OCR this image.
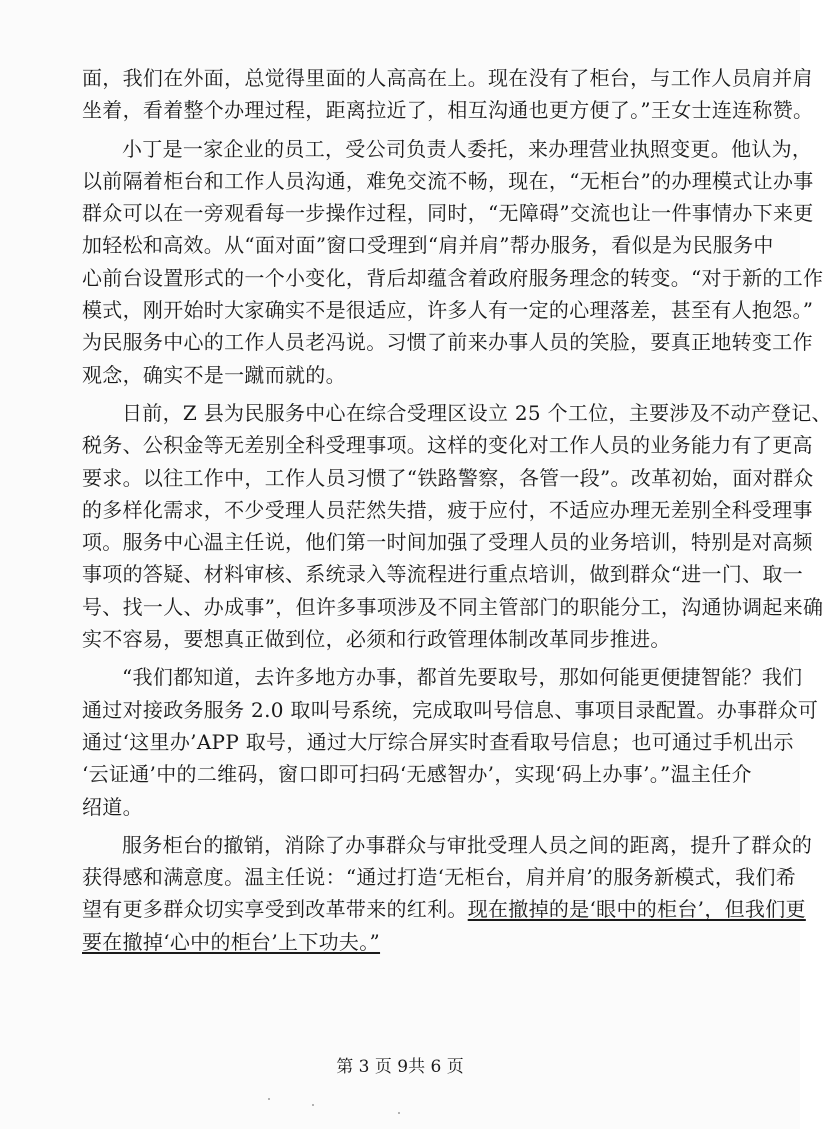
面，我们在外面，总觉得里面的人高高在上。现在没有了柜台，与工作人员肩并肩
坐着，看着整个办理过程，距离拉近了，相互沟通也更方便了。”王女士连连称赞。
小丁是一家企业的员工，受公司负责人委托，来办理营业执照变更。他认为，
以前隔着柜台和工作人员沟通，难免交流不畅，现在，“无柜台”的办理模式让办事
群众可以在一旁观看每一步操作过程，同时，“无障碍”交流也让一件事情办下来更
加轻松和高效。从“面对面”窗口受理到“肩并肩”帮办服务，看似是为民服务中
心前台设置形式的一个小变化，背后却蕴含着政府服务理念的转变。“对于新的工作
模式，刚开始时大家确实不是很适应，许多人有一定的心理落差，甚至有人抱怨。”
为民服务中心的工作人员老冯说。习惯了前来办事人员的笑脸，要真正地转变工作
观念，确实不是一蹴而就的。
日前，Z 县为民服务中心在综合受理区设立 25 个工位，主要涉及不动产登记、
税务、公积金等无差别全科受理事项。这样的变化对工作人员的业务能力有了更高
要求。以往工作中，工作人员习惯了“铁路警察，各管一段”。改革初始，面对群众
的多样化需求，不少受理人员茫然失措，疲于应付，不适应办理无差别全科受理事
项。服务中心温主任说，他们第一时间加强了受理人员的业务培训，特别是对高频
事项的答疑、材料审核、系统录入等流程进行重点培训，做到群众“进一门、取一
号、找一人、办成事”，但许多事项涉及不同主管部门的职能分工，沟通协调起来确
实不容易，要想真正做到位，必须和行政管理体制改革同步推进。
“我们都知道，去许多地方办事，都首先要取号，那如何能更便捷智能？我们
通过对接政务服务 2.0 取叫号系统，完成取叫号信息、事项目录配置。办事群众可
通过‘这里办’APP 取号，通过大厅综合屏实时查看取号信息；也可通过手机出示
‘云证通’中的二维码，窗口即可扫码‘无感智办’，实现‘码上办事’。”温主任介
绍道。
服务柜台的撤销，消除了办事群众与审批受理人员之间的距离，提升了群众的
获得感和满意度。温主任说：“通过打造‘无柜台，肩并肩’的服务新模式，我们希
望有更多群众切实享受到改革带来的红利。现在撤掉的是‘眼中的柜台’，但我们更
要在撤掉‘心中的柜台’上下功夫。”
第 3 页 9共 6 页
